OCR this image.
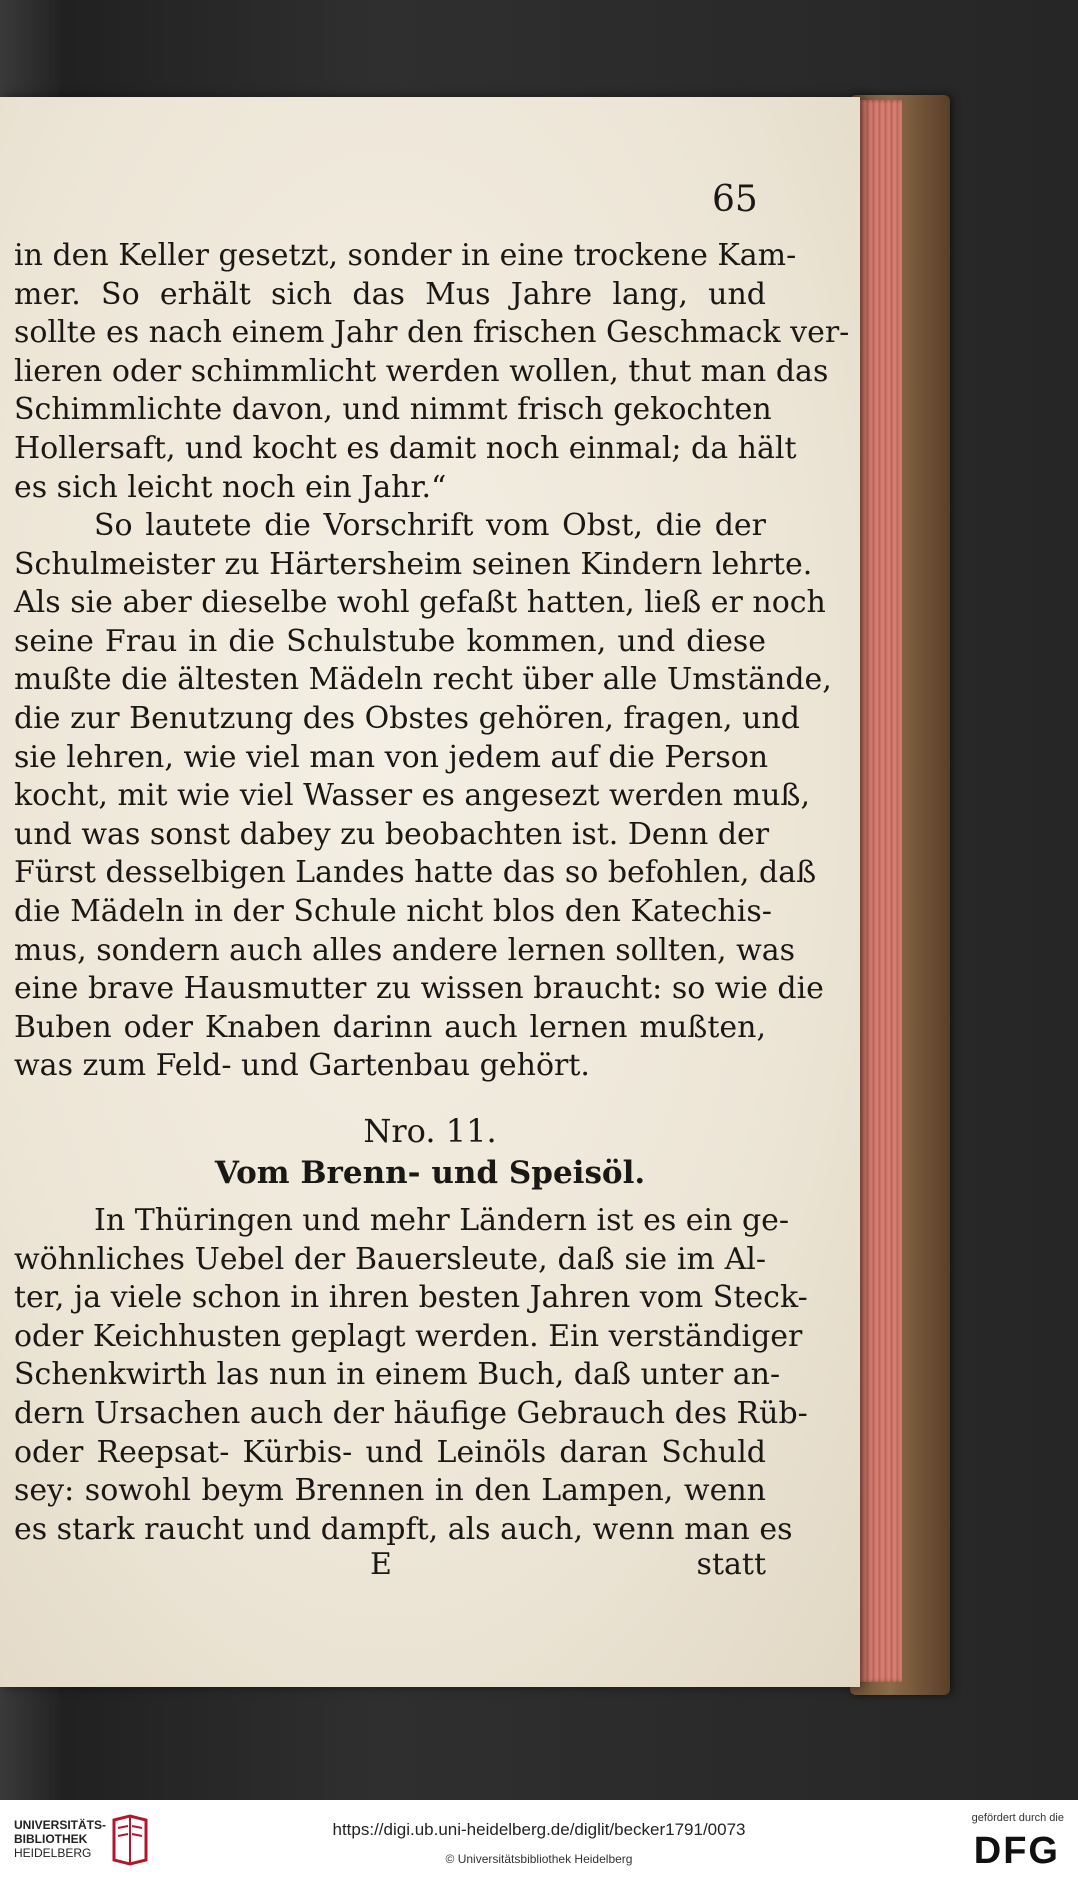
65
in den Keller gesetzt, sonder in eine trockene Kam-
mer. So erhält sich das Mus Jahre lang, und
sollte es nach einem Jahr den frischen Geschmack ver-
lieren oder schimmlicht werden wollen, thut man das
Schimmlichte davon, und nimmt frisch gekochten
Hollersaft, und kocht es damit noch einmal; da hält
es sich leicht noch ein Jahr.“
So lautete die Vorschrift vom Obst, die der
Schulmeister zu Härtersheim seinen Kindern lehrte.
Als sie aber dieselbe wohl gefaßt hatten, ließ er noch
seine Frau in die Schulstube kommen, und diese
mußte die ältesten Mädeln recht über alle Umstände,
die zur Benutzung des Obstes gehören, fragen, und
sie lehren, wie viel man von jedem auf die Person
kocht, mit wie viel Wasser es angesezt werden muß,
und was sonst dabey zu beobachten ist. Denn der
Fürst desselbigen Landes hatte das so befohlen, daß
die Mädeln in der Schule nicht blos den Katechis-
mus, sondern auch alles andere lernen sollten, was
eine brave Hausmutter zu wissen braucht: so wie die
Buben oder Knaben darinn auch lernen mußten,
was zum Feld- und Gartenbau gehört.
Nro. 11.
Vom Brenn- und Speisöl.
In Thüringen und mehr Ländern ist es ein ge-
wöhnliches Uebel der Bauersleute, daß sie im Al-
ter, ja viele schon in ihren besten Jahren vom Steck-
oder Keichhusten geplagt werden. Ein verständiger
Schenkwirth las nun in einem Buch, daß unter an-
dern Ursachen auch der häufige Gebrauch des Rüb-
oder Reepsat- Kürbis- und Leinöls daran Schuld
sey: sowohl beym Brennen in den Lampen, wenn
es stark raucht und dampft, als auch, wenn man es
E	statt
UNIVERSITÄTS-
BIBLIOTHEK
HEIDELBERG
https://digi.ub.uni-heidelberg.de/diglit/becker1791/0073
© Universitätsbibliothek Heidelberg
gefördert durch die
DFG
